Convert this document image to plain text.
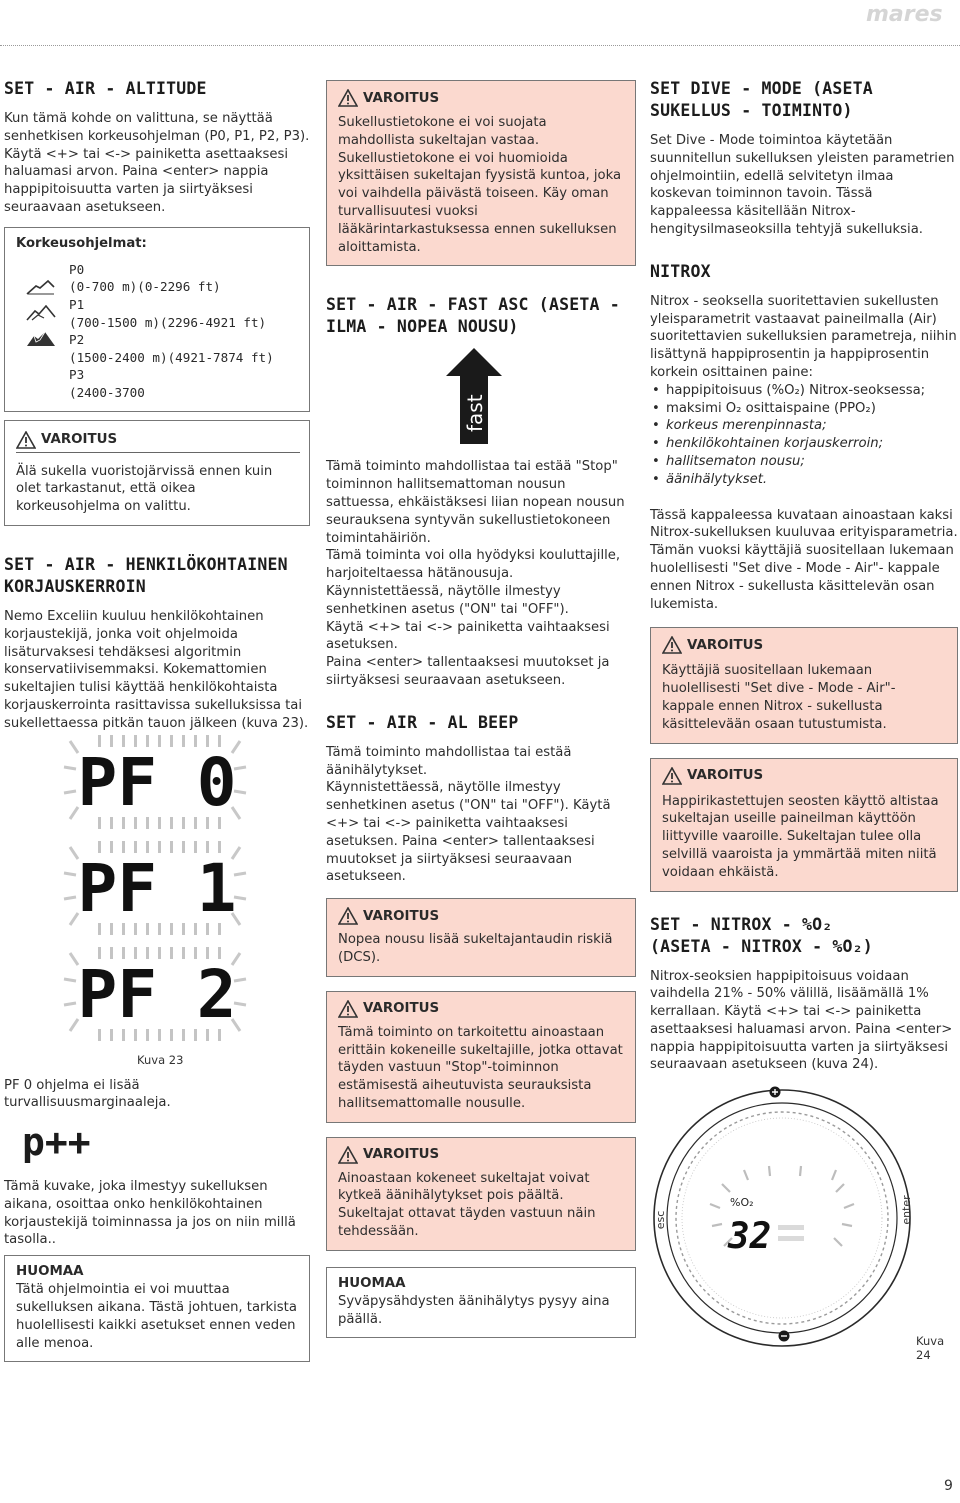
mares
SET - AIR - ALTITUDE

Kun tämä kohde on valittuna, se näyttää senhetkisen korkeusohjelman (P0, P1, P2, P3). Käytä <+> tai <-> painiketta asettaaksesi haluamasi arvon. Paina <enter> nappia happipitoisuutta varten ja siirtyäksesi seuraavaan asetukseen.

Korkeusohjelmat:
P0
(0-700 m)(0-2296 ft)
P1
(700-1500 m)(2296-4921 ft)
P2
(1500-2400 m)(4921-7874 ft)
P3
(2400-3700
VAROITUS

Älä sukella vuoristojärvissä ennen kuin olet tarkastanut, että oikea korkeusohjelma on valittu.

SET - AIR - HENKILÖKOHTAINEN KORJAUSKERROIN

Nemo Exceliin kuuluu henkilökohtainen korjaustekijä, jonka voit ohjelmoida lisäturvaksesi tehdäksesi algoritmin konservatiivisemmaksi. Kokemattomien sukeltajien tulisi käyttää henkilökohtaista korjauskerrointa rasittavissa sukelluksissa tai sukellettaessa pitkän tauon jälkeen (kuva 23).

PF 0
PF 1
PF 2
Kuva 23

PF 0 ohjelma ei lisää turvallisuusmarginaaleja.

p++

Tämä kuvake, joka ilmestyy sukelluksen aikana, osoittaa onko henkilökohtainen korjaustekijä toiminnassa ja jos on niin millä tasolla..

HUOMAA

Tätä ohjelmointia ei voi muuttaa sukelluksen aikana. Tästä johtuen, tarkista huolellisesti kaikki asetukset ennen veden alle menoa.

VAROITUS

Sukellustietokone ei voi suojata mahdollista sukeltajan vastaa. Sukellustietokone ei voi huomioida yksittäisen sukeltajan fyysistä kuntoa, joka voi vaihdella päivästä toiseen. Käy oman turvallisuutesi vuoksi lääkärintarkastuksessa ennen sukelluksen aloittamista.

SET - AIR - FAST ASC (ASETA - ILMA - NOPEA NOUSU)
fast

Tämä toiminto mahdollistaa tai estää "Stop" toiminnon hallitsemattoman nousun sattuessa, ehkäistäksesi liian nopean nousun seurauksena syntyvän sukellustietokoneen toimintahäiriön.
Tämä toiminta voi olla hyödyksi kouluttajille, harjoiteltaessa hätänousuja.
Käynnistettäessä, näytölle ilmestyy senhetkinen asetus ("ON" tai "OFF").
Käytä <+> tai <-> painiketta vaihtaaksesi asetuksen.
Paina <enter> tallentaaksesi muutokset ja siirtyäksesi seuraavaan asetukseen.

SET - AIR - AL BEEP

Tämä toiminto mahdollistaa tai estää äänihälytykset.
Käynnistettäessä, näytölle ilmestyy senhetkinen asetus ("ON" tai "OFF"). Käytä <+> tai <-> painiketta vaihtaaksesi asetuksen. Paina <enter> tallentaaksesi muutokset ja siirtyäksesi seuraavaan asetukseen.

VAROITUS

Nopea nousu lisää sukeltajantaudin riskiä (DCS).

VAROITUS

Tämä toiminto on tarkoitettu ainoastaan erittäin kokeneille sukeltajille, jotka ottavat täyden vastuun "Stop"-toiminnon estämisestä aiheutuvista seurauksista hallitsemattomalle nousulle.

VAROITUS

Ainoastaan kokeneet sukeltajat voivat kytkeä äänihälytykset pois päältä. Sukeltajat ottavat täyden vastuun näin tehdessään.

HUOMAA

Syväpysähdysten äänihälytys pysyy aina päällä.

SET DIVE - MODE (ASETA SUKELLUS - TOIMINTO)

Set Dive - Mode toimintoa käytetään suunnitellun sukelluksen yleisten parametrien ohjelmointiin, edellä selvitetyn ilmaa koskevan toiminnon tavoin. Tässä kappaleessa käsitellään Nitrox- hengitysilmaseoksilla tehtyjä sukelluksia.

NITROX

Nitrox - seoksella suoritettavien sukellusten yleisparametrit vastaavat paineilmalla (Air) suoritettavien sukelluksien parametreja, niihin lisättynä happiprosentin ja happiprosentin korkein osittainen paine:

• happipitoisuus (%O₂) Nitrox-seoksessa;
• maksimi O₂ osittaispaine (PPO₂)
• korkeus merenpinnasta;
• henkilökohtainen korjauskerroin;
• hallitsematon nousu;
• äänihälytykset.

Tässä kappaleessa kuvataan ainoastaan kaksi Nitrox-sukelluksen kuuluvaa erityisparametria. Tämän vuoksi käyttäjiä suositellaan lukemaan huolellisesti "Set dive - Mode - Air"- kappale ennen Nitrox - sukellusta käsittelevän osan lukemista.

VAROITUS

Käyttäjiä suositellaan lukemaan huolellisesti "Set dive - Mode - Air"- kappale ennen Nitrox - sukellusta käsittelevään osaan tutustumista.

VAROITUS

Happirikastettujen seosten käyttö altistaa sukeltajan useille paineilman käyttöön liittyville vaaroille. Sukeltajan tulee olla selvillä vaaroista ja ymmärtää miten niitä voidaan ehkäistä.

SET - NITROX - %O₂
(ASETA - NITROX - %O₂)

Nitrox-seoksien happipitoisuus voidaan vaihdella 21% - 50% välillä, lisäämällä 1% kerrallaan. Käytä <+> tai <-> painiketta asettaaksesi haluamasi arvon. Paina <enter> nappia happipitoisuutta varten ja siirtyäksesi seuraavaan asetukseen (kuva 24).

esc	enter
%O₂
32
Kuva 24
9
